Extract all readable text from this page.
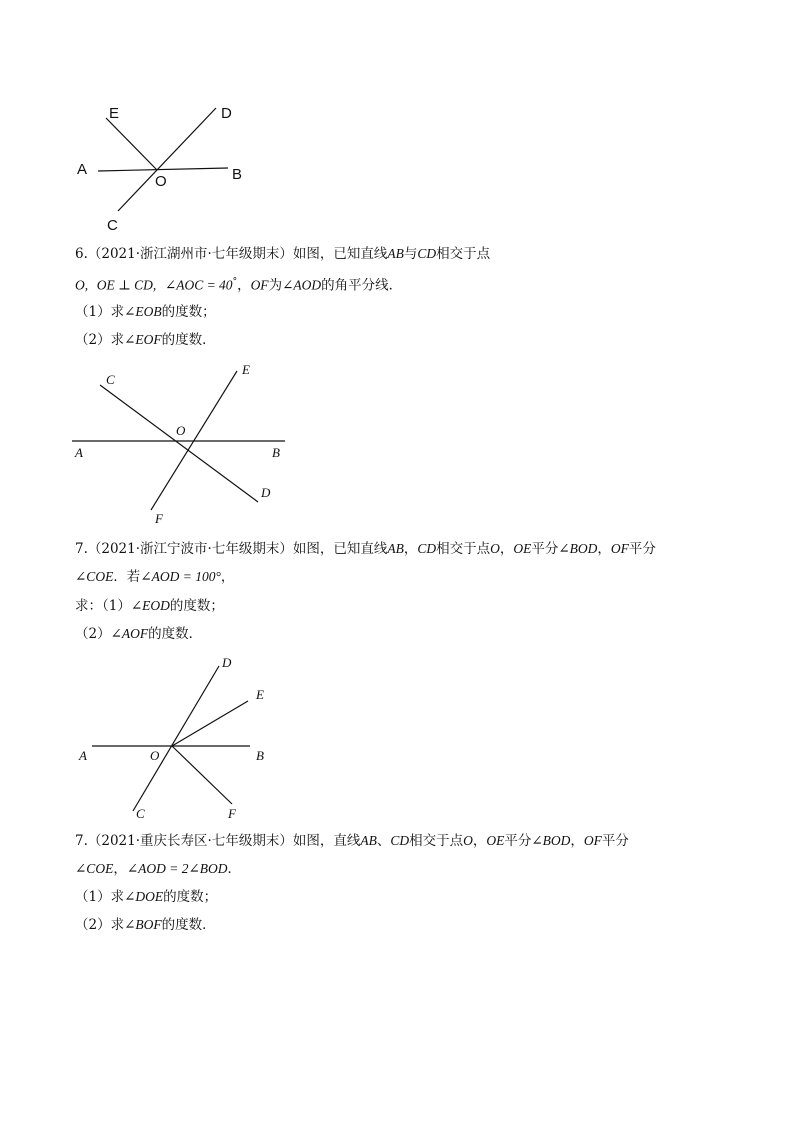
E	D
A
O	B
C
6.（2021·浙江湖州市·七年级期末）如图，已知直线AB与CD相交于点
O, OE ⊥ CD, ∠AOC = 40°，OF为∠AOD的角平分线．
（1）求∠EOB的度数；
（2）求∠EOF的度数．
C
E
O
A	B
D
F
7.（2021·浙江宁波市·七年级期末）如图，已知直线AB，CD相交于点O，OE平分∠BOD，OF平分
∠COE．若∠AOD = 100°，
求：（1）∠EOD的度数；
（2）∠AOF的度数．
D
E
A	O	B
C	F
7.（2021·重庆长寿区·七年级期末）如图，直线AB、CD相交于点O，OE平分∠BOD，OF平分
∠COE，∠AOD = 2∠BOD．
（1）求∠DOE的度数；
（2）求∠BOF的度数．
